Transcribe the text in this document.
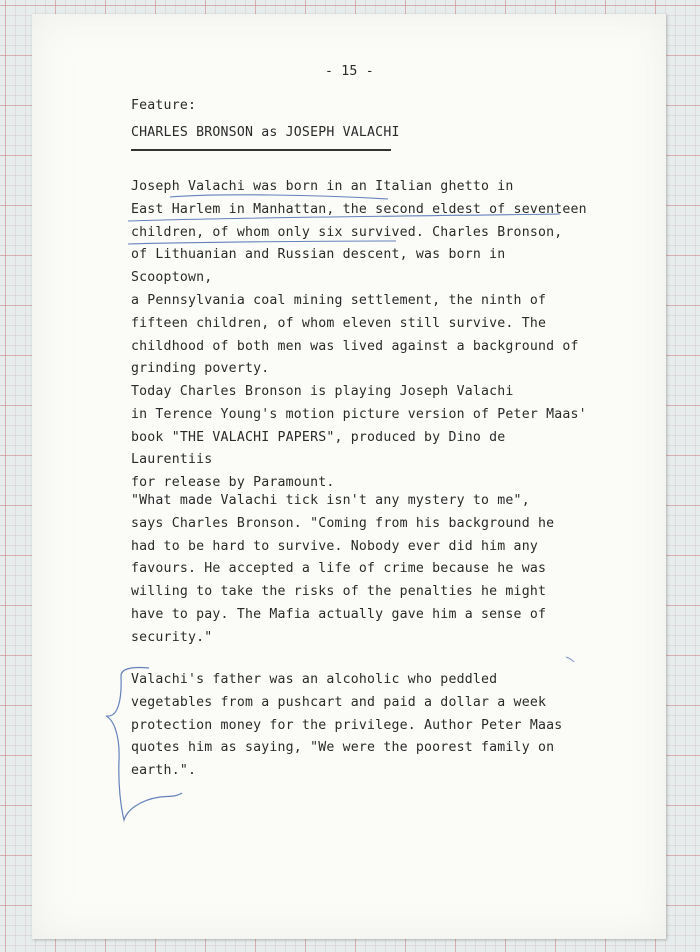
- 15 -
Feature:
CHARLES BRONSON as JOSEPH VALACHI

Joseph Valachi was born in an Italian ghetto in
East Harlem in Manhattan, the second eldest of seventeen
children, of whom only six survived. Charles Bronson,
of Lithuanian and Russian descent, was born in Scooptown,
a Pennsylvania coal mining settlement, the ninth of
fifteen children, of whom eleven still survive. The
childhood of both men was lived against a background of
grinding poverty.

Today Charles Bronson is playing Joseph Valachi
in Terence Young's motion picture version of Peter Maas'
book "THE VALACHI PAPERS", produced by Dino de Laurentiis
for release by Paramount.

"What made Valachi tick isn't any mystery to me",
says Charles Bronson. "Coming from his background he
had to be hard to survive. Nobody ever did him any
favours. He accepted a life of crime because he was
willing to take the risks of the penalties he might
have to pay. The Mafia actually gave him a sense of
security."

Valachi's father was an alcoholic who peddled
vegetables from a pushcart and paid a dollar a week
protection money for the privilege. Author Peter Maas
quotes him as saying, "We were the poorest family on
earth.".
